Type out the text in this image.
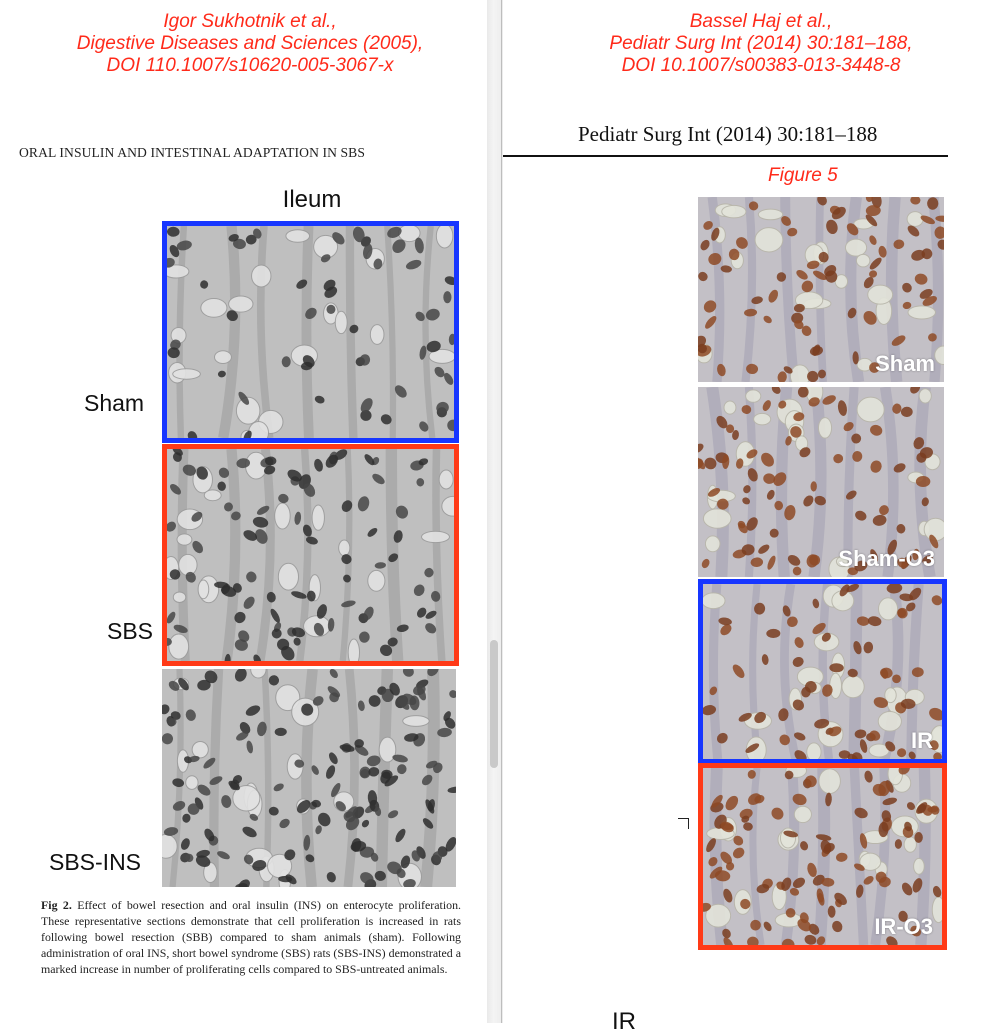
Igor Sukhotnik et al.,
Digestive Diseases and Sciences (2005),
DOI 110.1007/s10620-005-3067-x
ORAL INSULIN AND INTESTINAL ADAPTATION IN SBS
Ileum
Sham
SBS
SBS-INS
Fig 2. Effect of bowel resection and oral insulin (INS) on enterocyte proliferation. These representative sections demonstrate that cell proliferation is increased in rats following bowel resection (SBB) compared to sham animals (sham). Following administration of oral INS, short bowel syndrome (SBS) rats (SBS-INS) demonstrated a marked increase in number of proliferating cells compared to SBS-untreated animals.
Bassel Haj et al.,
Pediatr Surg Int (2014) 30:181–188,
DOI 10.1007/s00383-013-3448-8
Pediatr Surg Int (2014) 30:181–188
Figure 5
Sham
Sham-O3
IR
IR-O3
IR
